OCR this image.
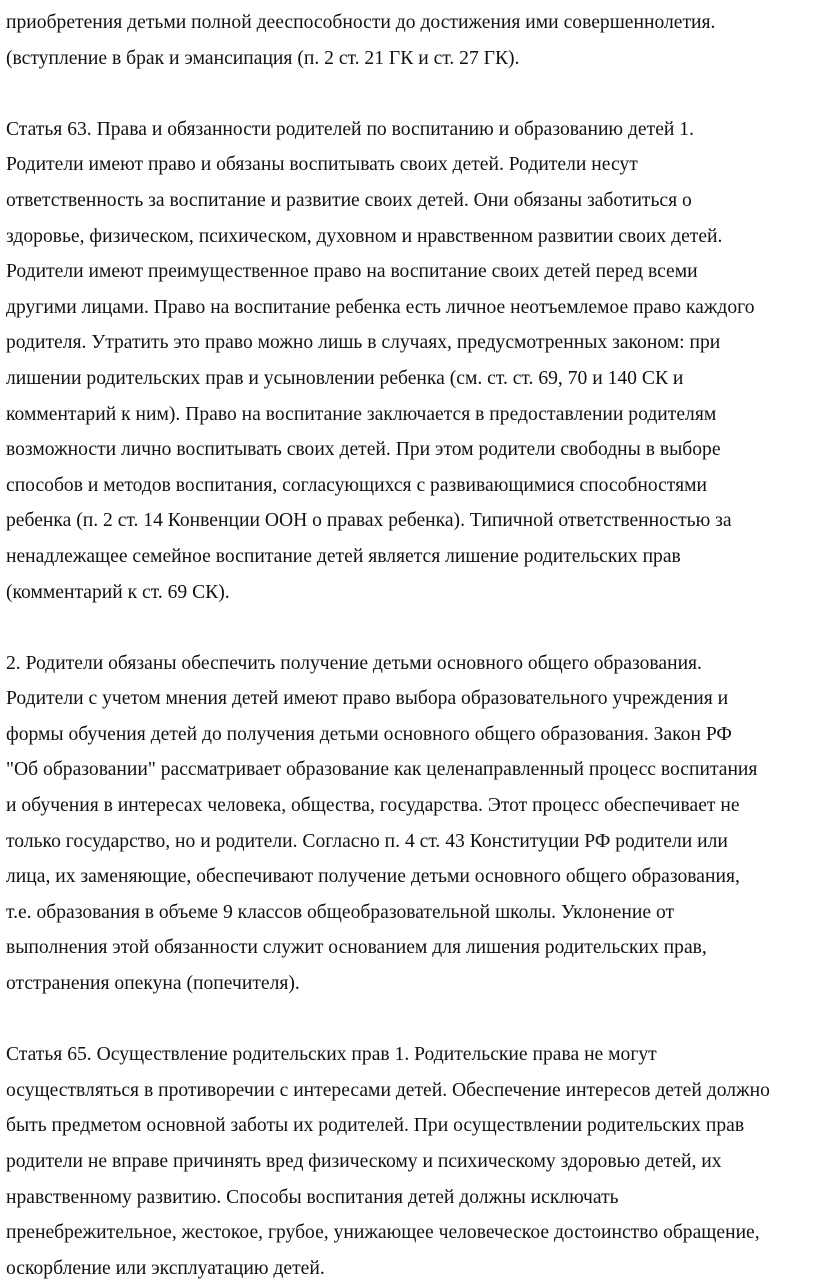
приобретения детьми полной дееспособности до достижения ими совершеннолетия.
(вступление в брак и эмансипация (п. 2 ст. 21 ГК и ст. 27 ГК).
Статья 63. Права и обязанности родителей по воспитанию и образованию детей 1.
Родители имеют право и обязаны воспитывать своих детей. Родители несут
ответственность за воспитание и развитие своих детей. Они обязаны заботиться о
здоровье, физическом, психическом, духовном и нравственном развитии своих детей.
Родители имеют преимущественное право на воспитание своих детей перед всеми
другими лицами. Право на воспитание ребенка есть личное неотъемлемое право каждого
родителя. Утратить это право можно лишь в случаях, предусмотренных законом: при
лишении родительских прав и усыновлении ребенка (см. ст. ст. 69, 70 и 140 СК и
комментарий к ним). Право на воспитание заключается в предоставлении родителям
возможности лично воспитывать своих детей. При этом родители свободны в выборе
способов и методов воспитания, согласующихся с развивающимися способностями
ребенка (п. 2 ст. 14 Конвенции ООН о правах ребенка). Типичной ответственностью за
ненадлежащее семейное воспитание детей является лишение родительских прав
(комментарий к ст. 69 СК).
2. Родители обязаны обеспечить получение детьми основного общего образования.
Родители с учетом мнения детей имеют право выбора образовательного учреждения и
формы обучения детей до получения детьми основного общего образования. Закон РФ
"Об образовании" рассматривает образование как целенаправленный процесс воспитания
и обучения в интересах человека, общества, государства. Этот процесс обеспечивает не
только государство, но и родители. Согласно п. 4 ст. 43 Конституции РФ родители или
лица, их заменяющие, обеспечивают получение детьми основного общего образования,
т.е. образования в объеме 9 классов общеобразовательной школы. Уклонение от
выполнения этой обязанности служит основанием для лишения родительских прав,
отстранения опекуна (попечителя).
Статья 65. Осуществление родительских прав 1. Родительские права не могут
осуществляться в противоречии с интересами детей. Обеспечение интересов детей должно
быть предметом основной заботы их родителей. При осуществлении родительских прав
родители не вправе причинять вред физическому и психическому здоровью детей, их
нравственному развитию. Способы воспитания детей должны исключать
пренебрежительное, жестокое, грубое, унижающее человеческое достоинство обращение,
оскорбление или эксплуатацию детей.
